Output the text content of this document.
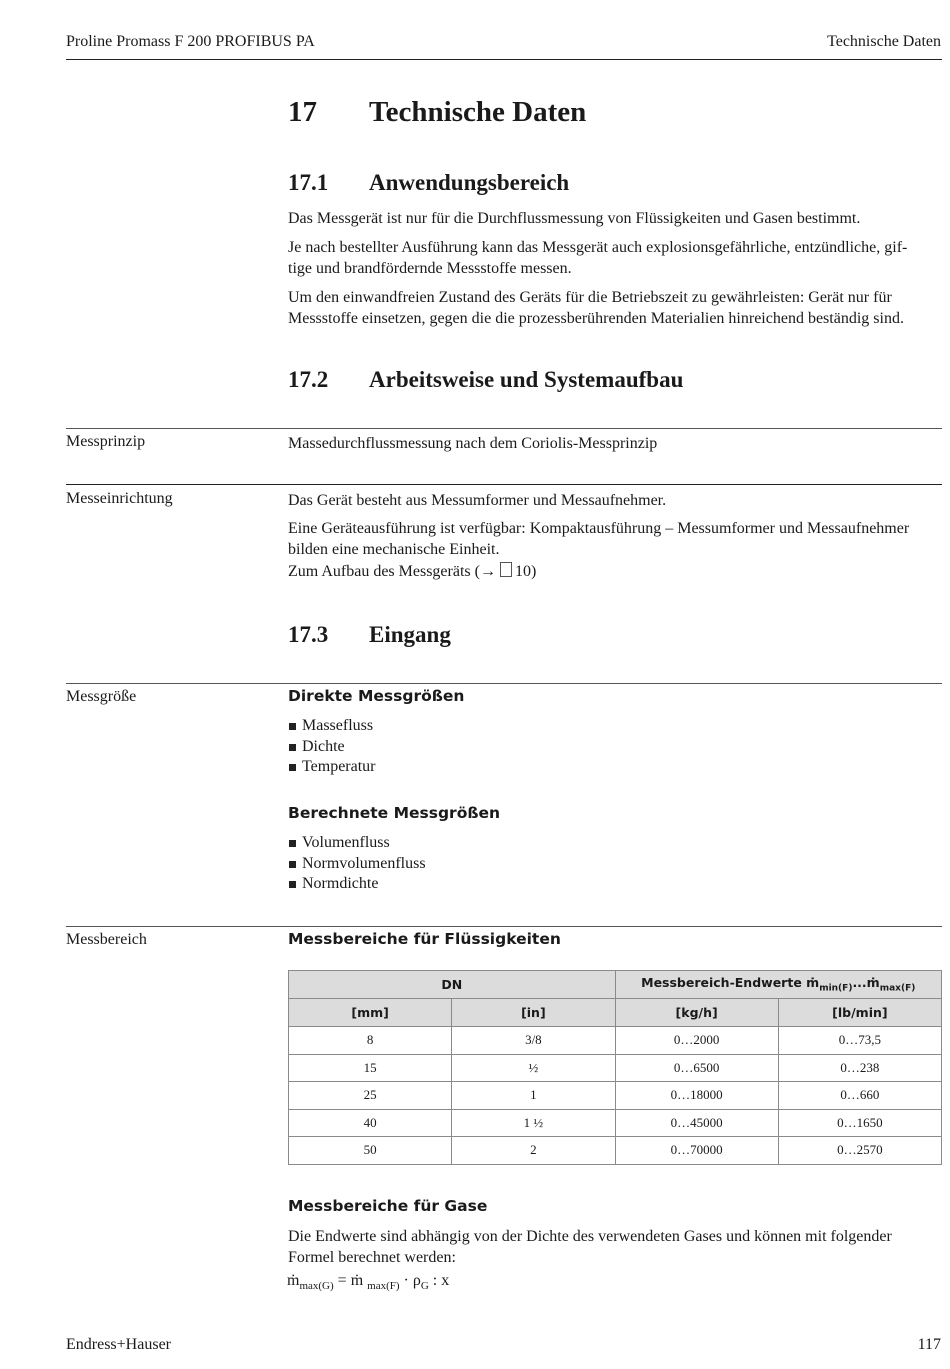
Proline Promass F 200 PROFIBUS PA	Technische Daten
17 Technische Daten
17.1 Anwendungsbereich

Das Messgerät ist nur für die Durchflussmessung von Flüssigkeiten und Gasen bestimmt.

Je nach bestellter Ausführung kann das Messgerät auch explosionsgefährliche, entzündliche, gif-

tige und brandfördernde Messstoffe messen.

Um den einwandfreien Zustand des Geräts für die Betriebszeit zu gewährleisten: Gerät nur für

Messstoffe einsetzen, gegen die die prozessberührenden Materialien hinreichend beständig sind.

17.2 Arbeitsweise und Systemaufbau
Messprinzip	Massedurchflussmessung nach dem Coriolis-Messprinzip

Messeinrichtung	Das Gerät besteht aus Messumformer und Messaufnehmer.

Eine Geräteausführung ist verfügbar: Kompaktausführung – Messumformer und Messaufnehmer

bilden eine mechanische Einheit.

Zum Aufbau des Messgeräts (→ 10)

17.3 Eingang
Messgröße	Direkte Messgrößen
Massefluss
Dichte
Temperatur
Berechnete Messgrößen
Volumenfluss
Normvolumenfluss
Normdichte
Messbereich	Messbereiche für Flüssigkeiten
DN		Messbereich-Endwerte ṁ$_{min(F)}$...ṁ$_{max(F)}$
[mm]	[in]	[kg/h]	[lb/min]
8	3/8	0…2000	0…73,5
15	½	0…6500	0…238
25	1	0…18000	0…660
40	1 ½	0…45000	0…1650
50	2	0…70000	0…2570
Messbereiche für Gase

Die Endwerte sind abhängig von der Dichte des verwendeten Gases und können mit folgender

Formel berechnet werden:

ṁ$_{max(G)}$ = ṁ $_{max(F)} \cdot \rho_G$ : x
Endress+Hauser	117
